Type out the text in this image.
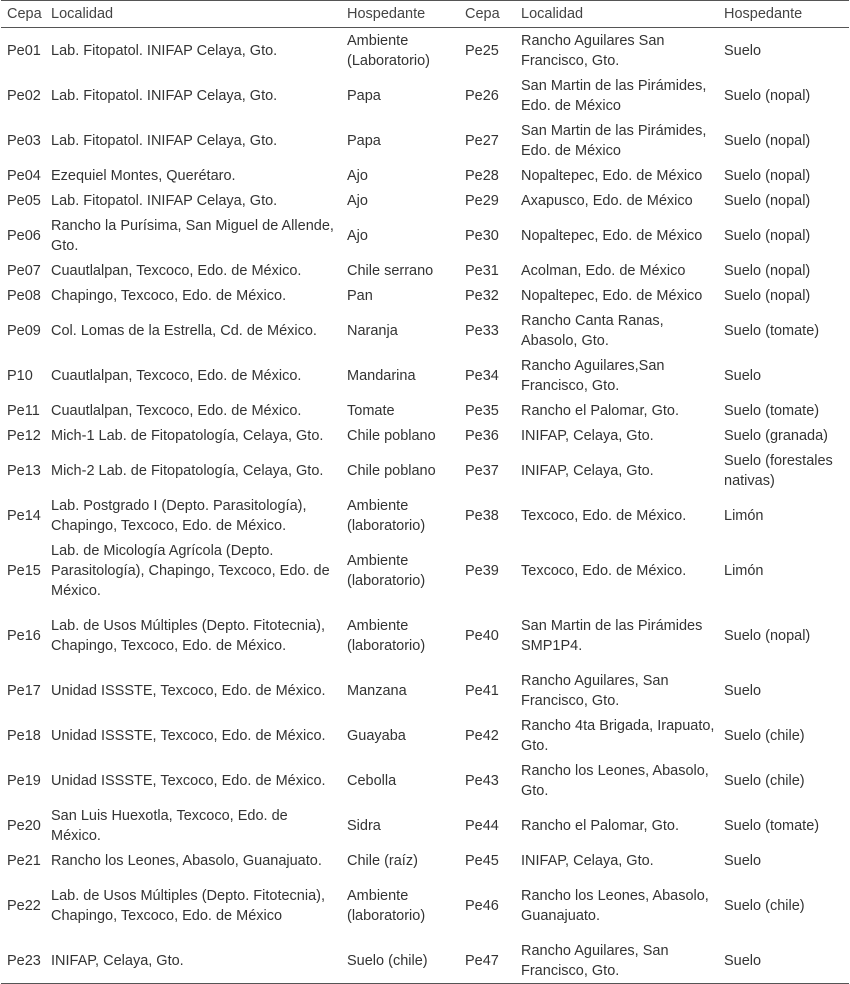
Cepa	Localidad	Hospedante	Cepa	Localidad	Hospedante
Pe01	Lab. Fitopatol. INIFAP Celaya, Gto.	Ambiente (Laboratorio)	Pe25	Rancho Aguilares San Francisco, Gto.	Suelo
Pe02	Lab. Fitopatol. INIFAP Celaya, Gto.	Papa	Pe26	San Martin de las Pirámides, Edo. de México	Suelo (nopal)
Pe03	Lab. Fitopatol. INIFAP Celaya, Gto.	Papa	Pe27	San Martin de las Pirámides, Edo. de México	Suelo (nopal)
Pe04	Ezequiel Montes, Querétaro.	Ajo	Pe28	Nopaltepec, Edo. de México	Suelo (nopal)
Pe05	Lab. Fitopatol. INIFAP Celaya, Gto.	Ajo	Pe29	Axapusco, Edo. de México	Suelo (nopal)
Pe06	Rancho la Purísima, San Miguel de Allende, Gto.	Ajo	Pe30	Nopaltepec, Edo. de México	Suelo (nopal)
Pe07	Cuautlalpan, Texcoco, Edo. de México.	Chile serrano	Pe31	Acolman, Edo. de México	Suelo (nopal)
Pe08	Chapingo, Texcoco, Edo. de México.	Pan	Pe32	Nopaltepec, Edo. de México	Suelo (nopal)
Pe09	Col. Lomas de la Estrella, Cd. de México.	Naranja	Pe33	Rancho Canta Ranas, Abasolo, Gto.	Suelo (tomate)
P10	Cuautlalpan, Texcoco, Edo. de México.	Mandarina	Pe34	Rancho Aguilares,San Francisco, Gto.	Suelo
Pe11	Cuautlalpan, Texcoco, Edo. de México.	Tomate	Pe35	Rancho el Palomar, Gto.	Suelo (tomate)
Pe12	Mich-1 Lab. de Fitopatología, Celaya, Gto.	Chile poblano	Pe36	INIFAP, Celaya, Gto.	Suelo (granada)
Pe13	Mich-2 Lab. de Fitopatología, Celaya, Gto.	Chile poblano	Pe37	INIFAP, Celaya, Gto.	Suelo (forestales nativas)
Pe14	Lab. Postgrado I (Depto. Parasitología), Chapingo, Texcoco, Edo. de México.	Ambiente (laboratorio)	Pe38	Texcoco, Edo. de México.	Limón
Pe15	Lab. de Micología Agrícola (Depto. Parasitología), Chapingo, Texcoco, Edo. de México.	Ambiente (laboratorio)	Pe39	Texcoco, Edo. de México.	Limón
Pe16	Lab. de Usos Múltiples (Depto. Fitotecnia), Chapingo, Texcoco, Edo. de México.	Ambiente (laboratorio)	Pe40	San Martin de las Pirámides SMP1P4.	Suelo (nopal)
Pe17	Unidad ISSSTE, Texcoco, Edo. de México.	Manzana	Pe41	Rancho Aguilares, San Francisco, Gto.	Suelo
Pe18	Unidad ISSSTE, Texcoco, Edo. de México.	Guayaba	Pe42	Rancho 4ta Brigada, Irapuato, Gto.	Suelo (chile)
Pe19	Unidad ISSSTE, Texcoco, Edo. de México.	Cebolla	Pe43	Rancho los Leones, Abasolo, Gto.	Suelo (chile)
Pe20	San Luis Huexotla, Texcoco, Edo. de México.	Sidra	Pe44	Rancho el Palomar, Gto.	Suelo (tomate)
Pe21	Rancho los Leones, Abasolo, Guanajuato.	Chile (raíz)	Pe45	INIFAP, Celaya, Gto.	Suelo
Pe22	Lab. de Usos Múltiples (Depto. Fitotecnia), Chapingo, Texcoco, Edo. de México	Ambiente (laboratorio)	Pe46	Rancho los Leones, Abasolo, Guanajuato.	Suelo (chile)
Pe23	INIFAP, Celaya, Gto.	Suelo (chile)	Pe47	Rancho Aguilares, San Francisco, Gto.	Suelo
